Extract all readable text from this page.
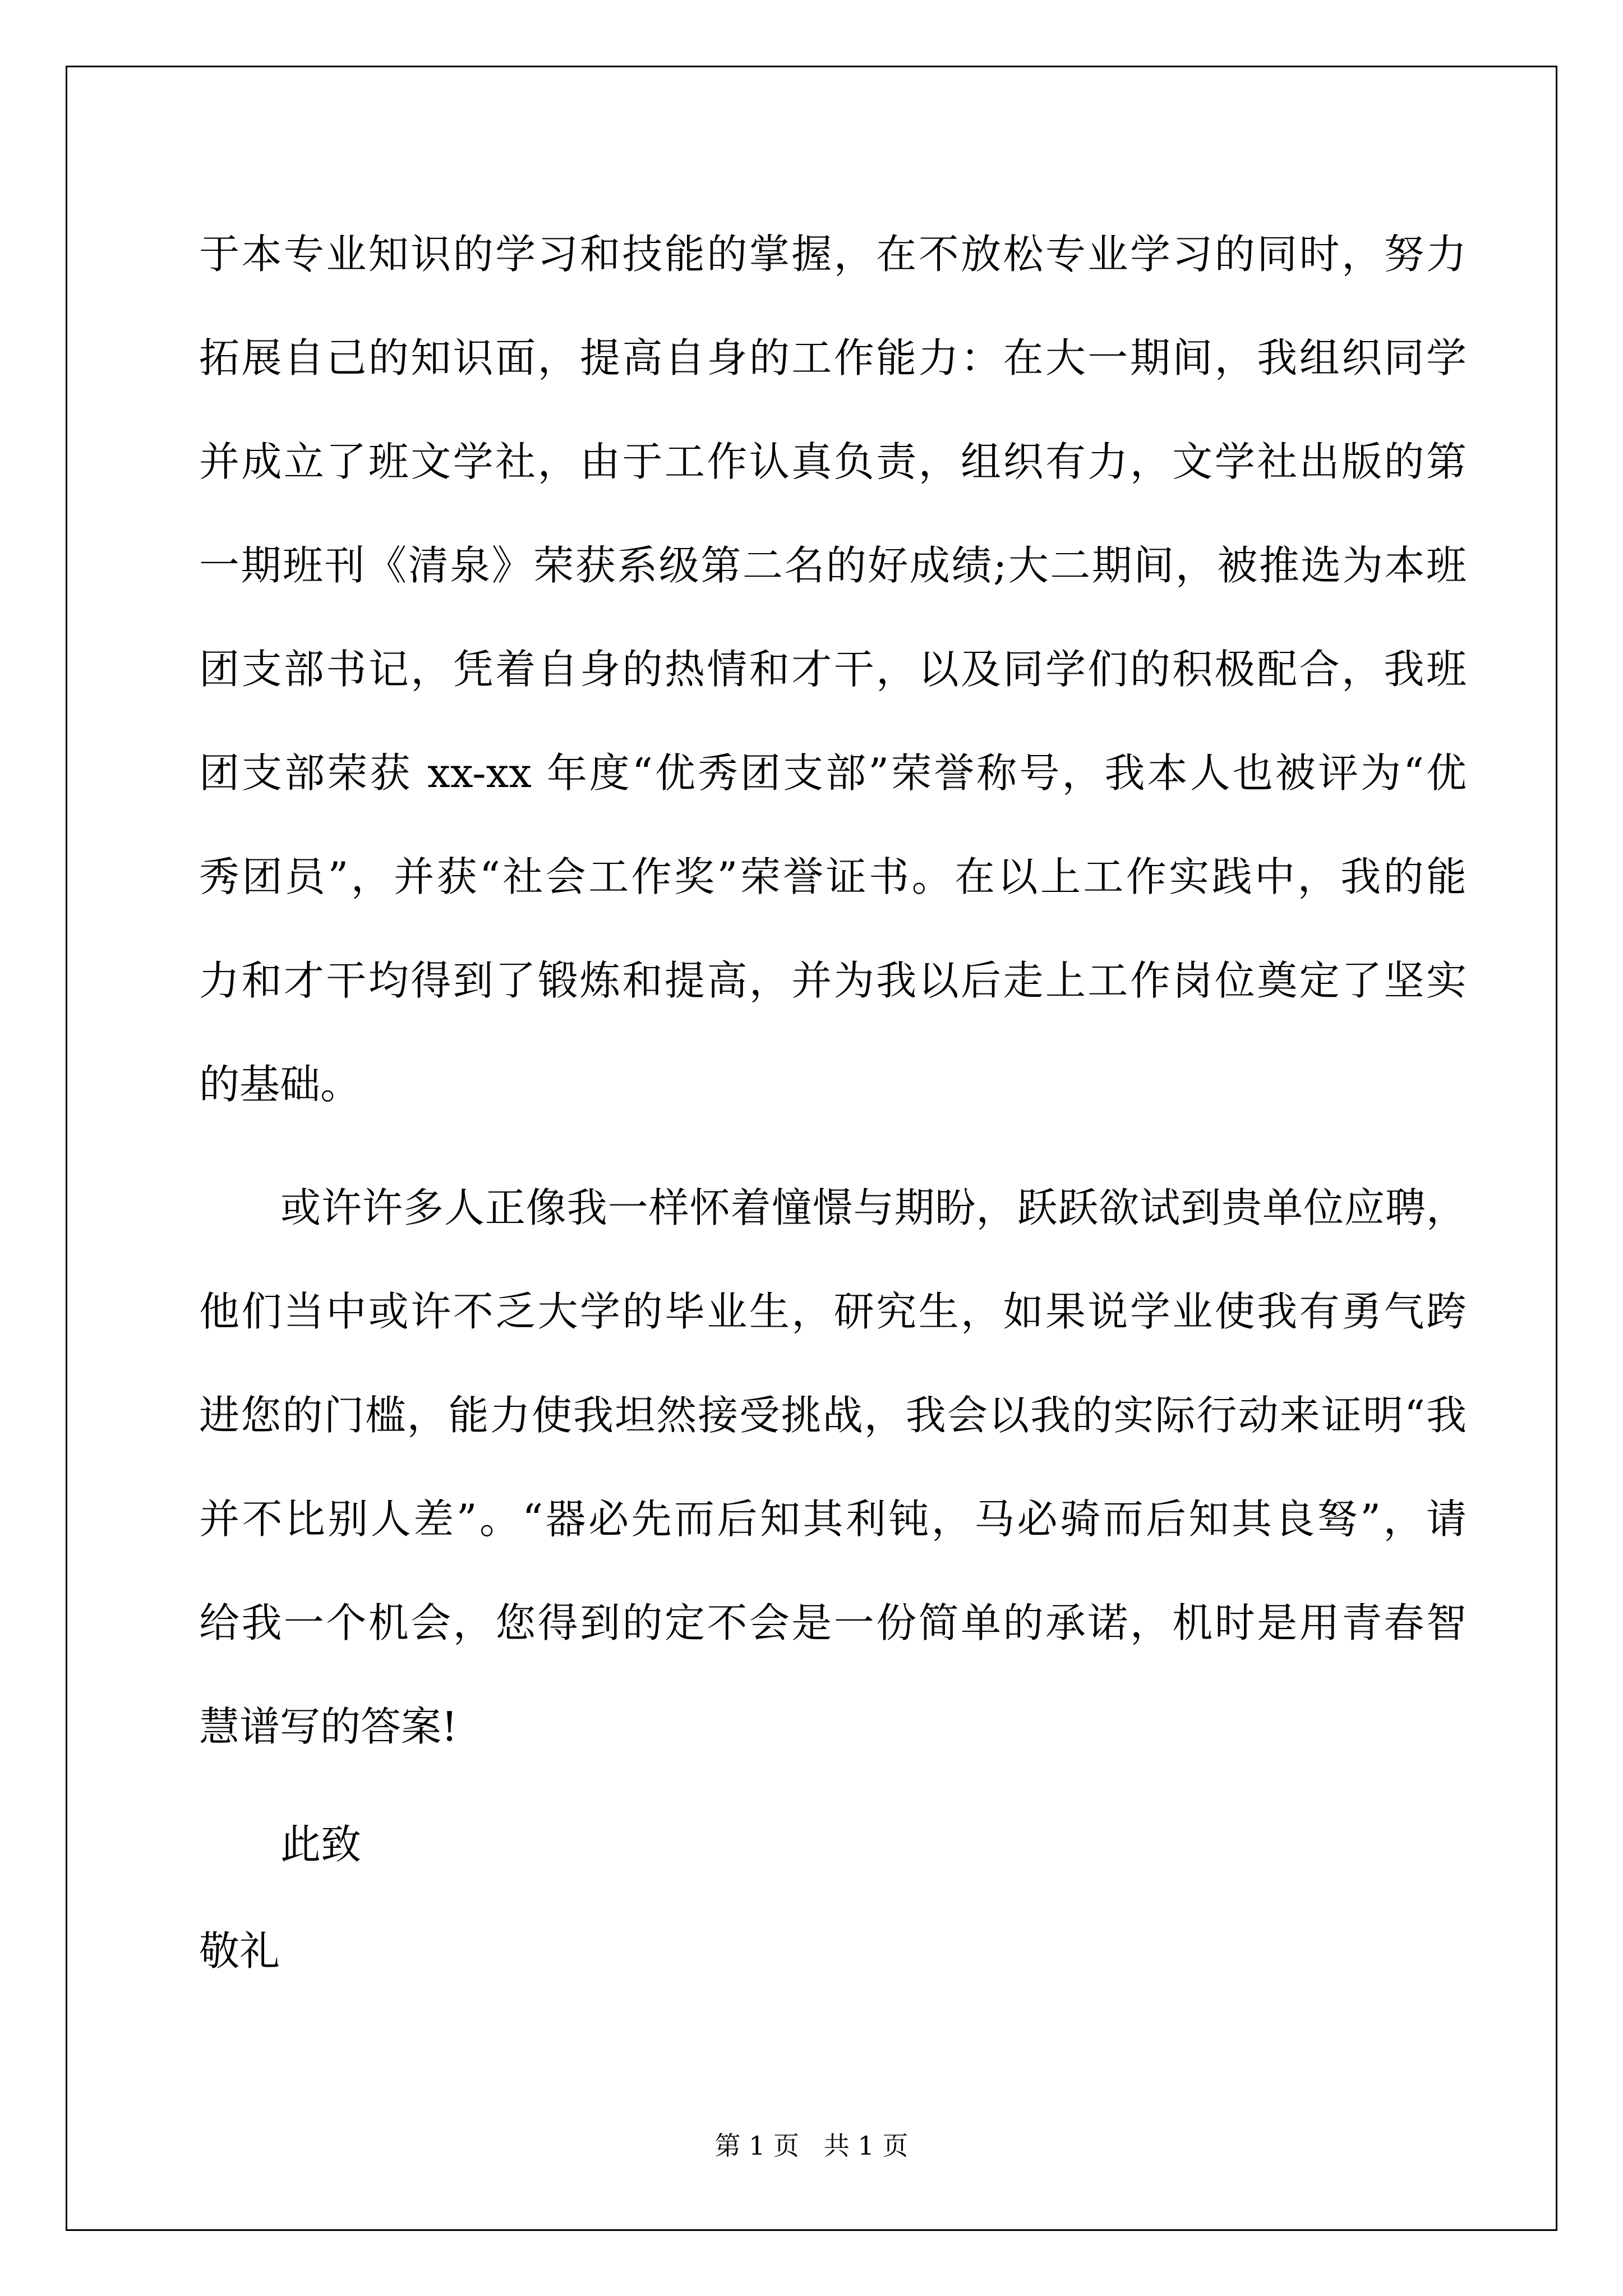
于本专业知识的学习和技能的掌握，在不放松专业学习的同时，努力
拓展自己的知识面，提高自身的工作能力：在大一期间，我组织同学
并成立了班文学社，由于工作认真负责，组织有力，文学社出版的第
一期班刊《清泉》荣获系级第二名的好成绩;大二期间，被推选为本班
团支部书记，凭着自身的热情和才干，以及同学们的积极配合，我班
团支部荣获 xx-xx 年度“优秀团支部”荣誉称号，我本人也被评为“优
秀团员”，并获“社会工作奖”荣誉证书。在以上工作实践中，我的能
力和才干均得到了锻炼和提高，并为我以后走上工作岗位奠定了坚实
的基础。
或许许多人正像我一样怀着憧憬与期盼，跃跃欲试到贵单位应聘，
他们当中或许不乏大学的毕业生，研究生，如果说学业使我有勇气跨
进您的门槛，能力使我坦然接受挑战，我会以我的实际行动来证明“我
并不比别人差”。“器必先而后知其利钝，马必骑而后知其良驽”，请
给我一个机会，您得到的定不会是一份简单的承诺，机时是用青春智
慧谱写的答案!
此致
敬礼
第 1 页   共 1 页
